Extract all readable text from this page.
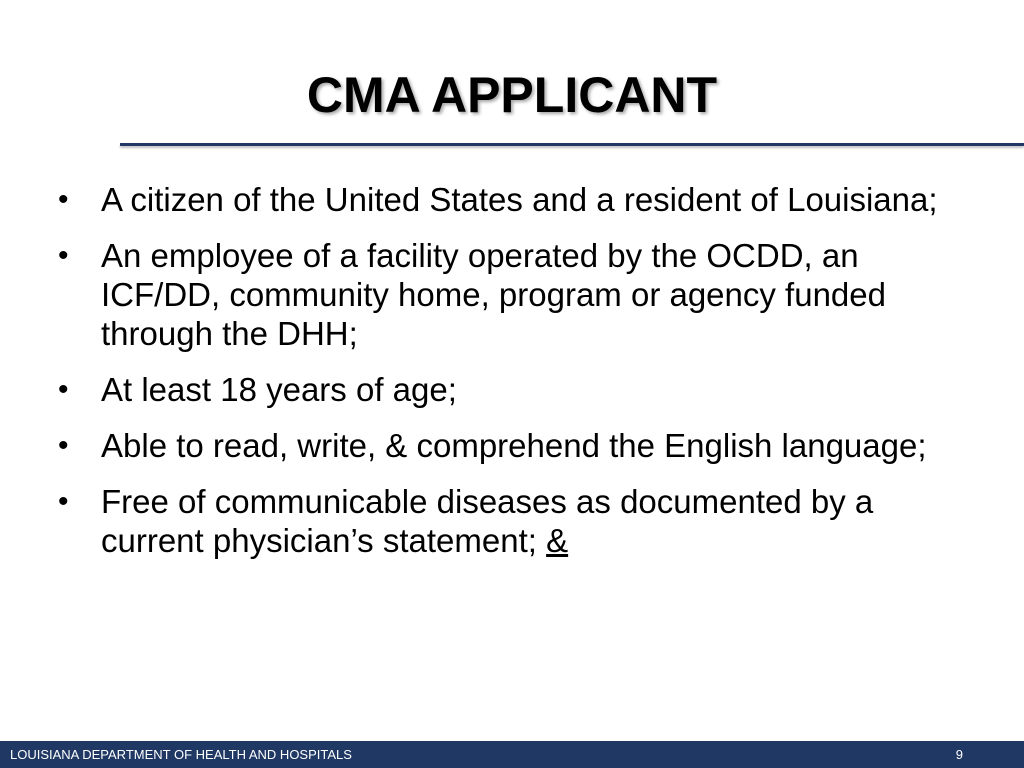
CMA APPLICANT
• A citizen of the United States and a resident of Louisiana;
• An employee of a facility operated by the OCDD, an ICF/DD, community home, program or agency funded through the DHH;
• At least 18 years of age;
• Able to read, write, & comprehend the English language;
• Free of communicable diseases as documented by a current physician’s statement; &
LOUISIANA DEPARTMENT OF HEALTH AND HOSPITALS	9
